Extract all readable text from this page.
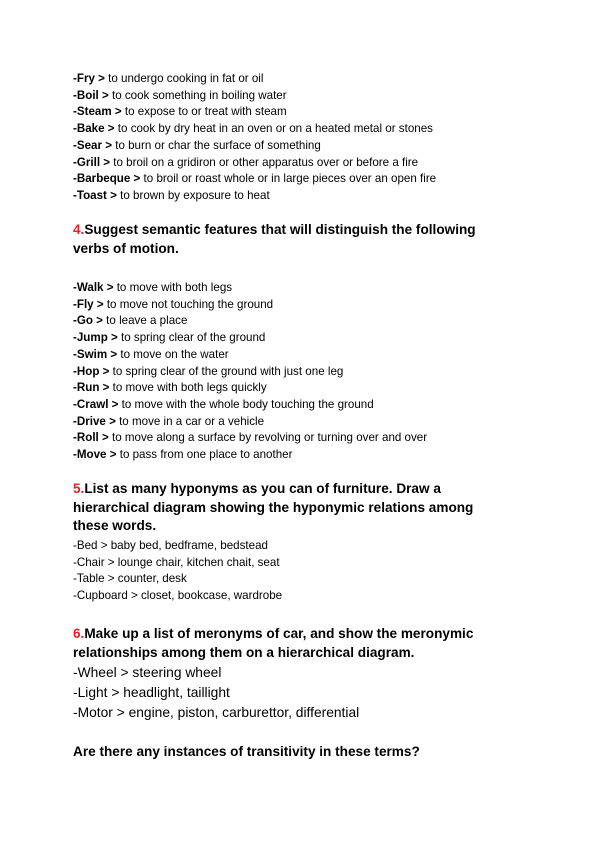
-Fry > to undergo cooking in fat or oil
-Boil > to cook something in boiling water
-Steam > to expose to or treat with steam
-Bake > to cook by dry heat in an oven or on a heated metal or stones
-Sear > to burn or char the surface of something
-Grill > to broil on a gridiron or other apparatus over or before a fire
-Barbeque > to broil or roast whole or in large pieces over an open fire
-Toast > to brown by exposure to heat
4.Suggest semantic features that will distinguish the following verbs of motion.
-Walk > to move with both legs
-Fly > to move not touching the ground
-Go > to leave a place
-Jump > to spring clear of the ground
-Swim > to move on the water
-Hop > to spring clear of the ground with just one leg
-Run > to move with both legs quickly
-Crawl > to move with the whole body touching the ground
-Drive > to move in a car or a vehicle
-Roll > to move along a surface by revolving or turning over and over
-Move > to pass from one place to another
5.List as many hyponyms as you can of furniture. Draw a hierarchical diagram showing the hyponymic relations among these words.
-Bed > baby bed, bedframe, bedstead
-Chair > lounge chair, kitchen chait, seat
-Table > counter, desk
-Cupboard > closet, bookcase, wardrobe
6.Make up a list of meronyms of car, and show the meronymic relationships among them on a hierarchical diagram.
-Wheel > steering wheel
-Light > headlight, taillight
-Motor > engine, piston, carburettor, differential
Are there any instances of transitivity in these terms?
